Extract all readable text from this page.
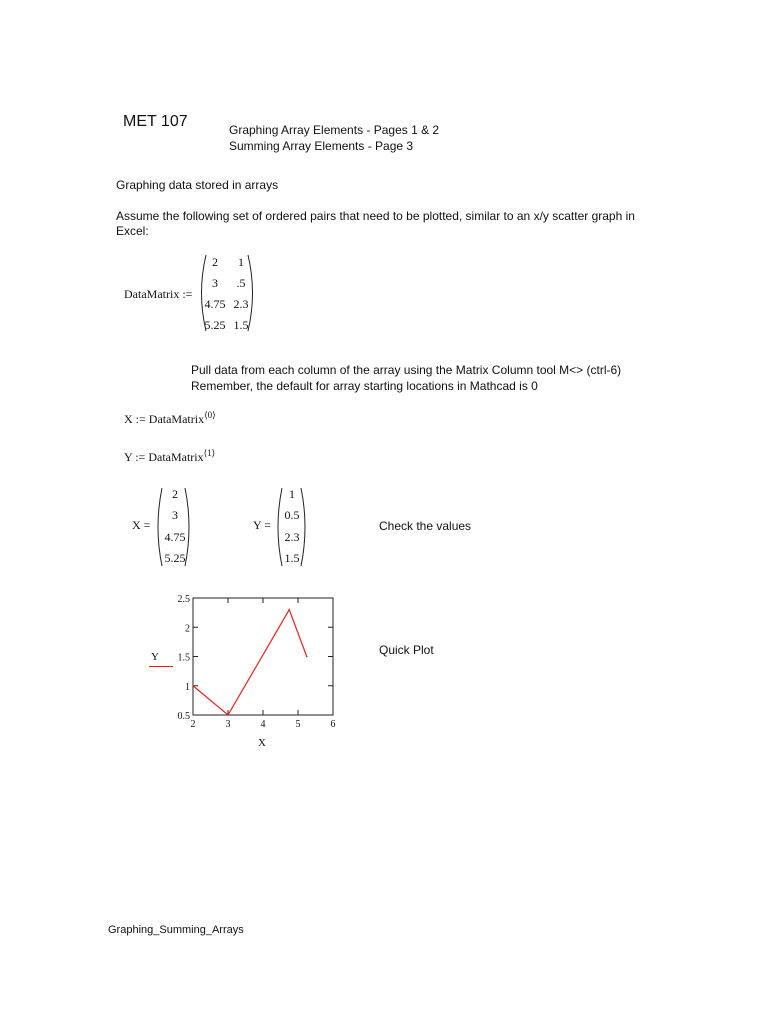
MET 107	Graphing Array Elements - Pages 1 & 2
Summing Array Elements - Page 3
Graphing data stored in arrays
Assume the following set of ordered pairs that need to be plotted, similar to an x/y scatter graph in
Excel:
DataMatrix :=
2	1
3	.5
4.75 2.3
5.25 1.5
Pull data from each column of the array using the Matrix Column tool M<> (ctrl-6)
Remember, the default for array starting locations in Mathcad is 0
X := DataMatrix$^{⟨0⟩}$
Y := DataMatrix$^{⟨1⟩}$
X =
2
3
4.75
5.25
Y =
1
0.5
2.3
1.5
Check the values
Y
X
2	3	4	5	6
0.5
1
1.5
2
2.5
Quick Plot
Graphing_Summing_Arrays
